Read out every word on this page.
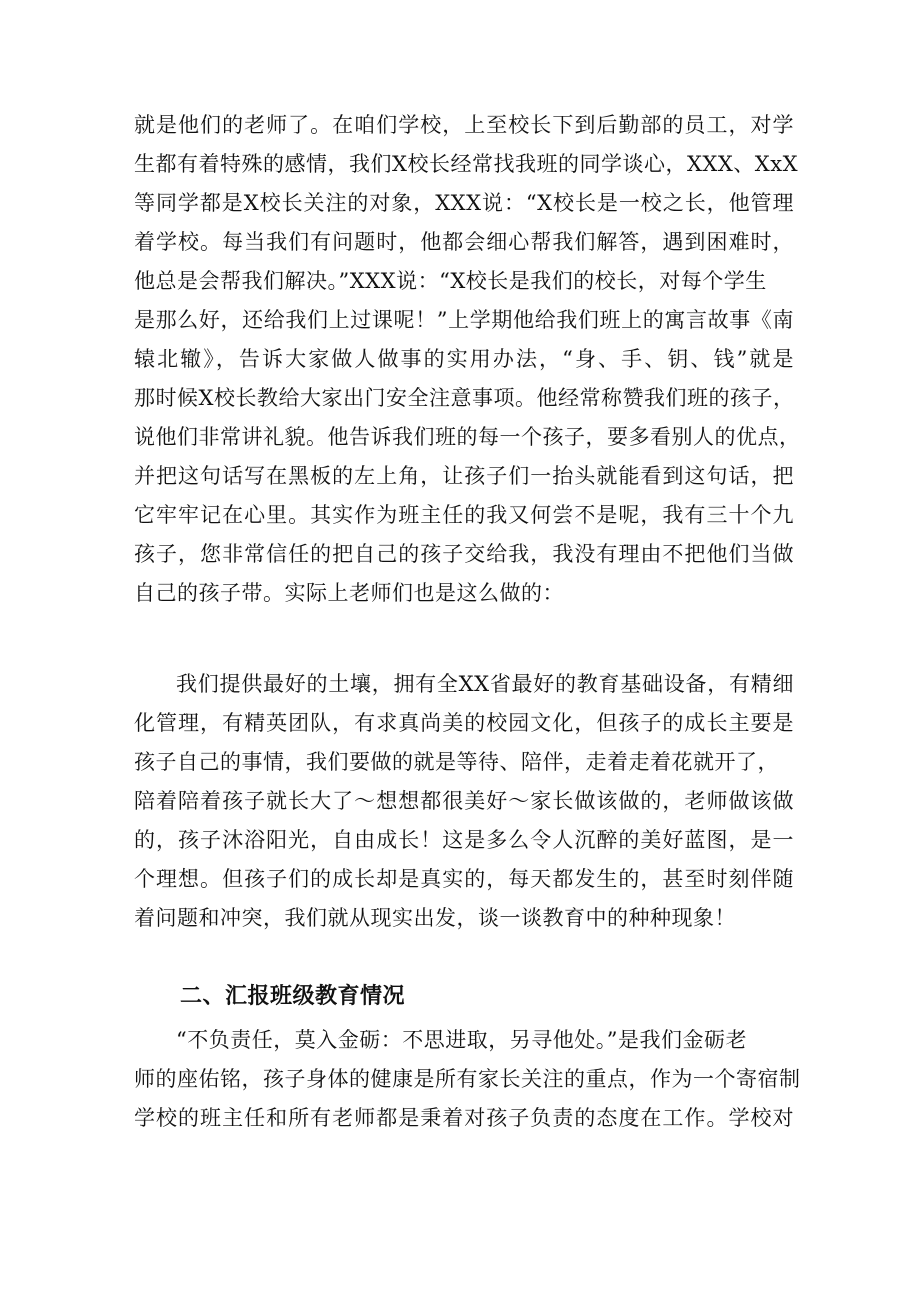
就是他们的老师了。在咱们学校，上至校长下到后勤部的员工，对学
生都有着特殊的感情，我们X校长经常找我班的同学谈心，XXX、XxX
等同学都是X校长关注的对象，XXX说：“X校长是一校之长，他管理
着学校。每当我们有问题时，他都会细心帮我们解答，遇到困难时，
他总是会帮我们解决。”XXX说：“X校长是我们的校长，对每个学生
是那么好，还给我们上过课呢！”上学期他给我们班上的寓言故事《南
辕北辙》，告诉大家做人做事的实用办法，“身、手、钥、钱”就是
那时候X校长教给大家出门安全注意事项。他经常称赞我们班的孩子，
说他们非常讲礼貌。他告诉我们班的每一个孩子，要多看别人的优点，
并把这句话写在黑板的左上角，让孩子们一抬头就能看到这句话，把
它牢牢记在心里。其实作为班主任的我又何尝不是呢，我有三十个九
孩子，您非常信任的把自己的孩子交给我，我没有理由不把他们当做
自己的孩子带。实际上老师们也是这么做的：
我们提供最好的土壤，拥有全XX省最好的教育基础设备，有精细
化管理，有精英团队，有求真尚美的校园文化，但孩子的成长主要是
孩子自己的事情，我们要做的就是等待、陪伴，走着走着花就开了，
陪着陪着孩子就长大了～想想都很美好～家长做该做的，老师做该做
的，孩子沐浴阳光，自由成长！这是多么令人沉醉的美好蓝图，是一
个理想。但孩子们的成长却是真实的，每天都发生的，甚至时刻伴随
着问题和冲突，我们就从现实出发，谈一谈教育中的种种现象！
二、汇报班级教育情况
“不负责任，莫入金砺：不思进取，另寻他处。”是我们金砺老
师的座佑铭，孩子身体的健康是所有家长关注的重点，作为一个寄宿制
学校的班主任和所有老师都是秉着对孩子负责的态度在工作。学校对
